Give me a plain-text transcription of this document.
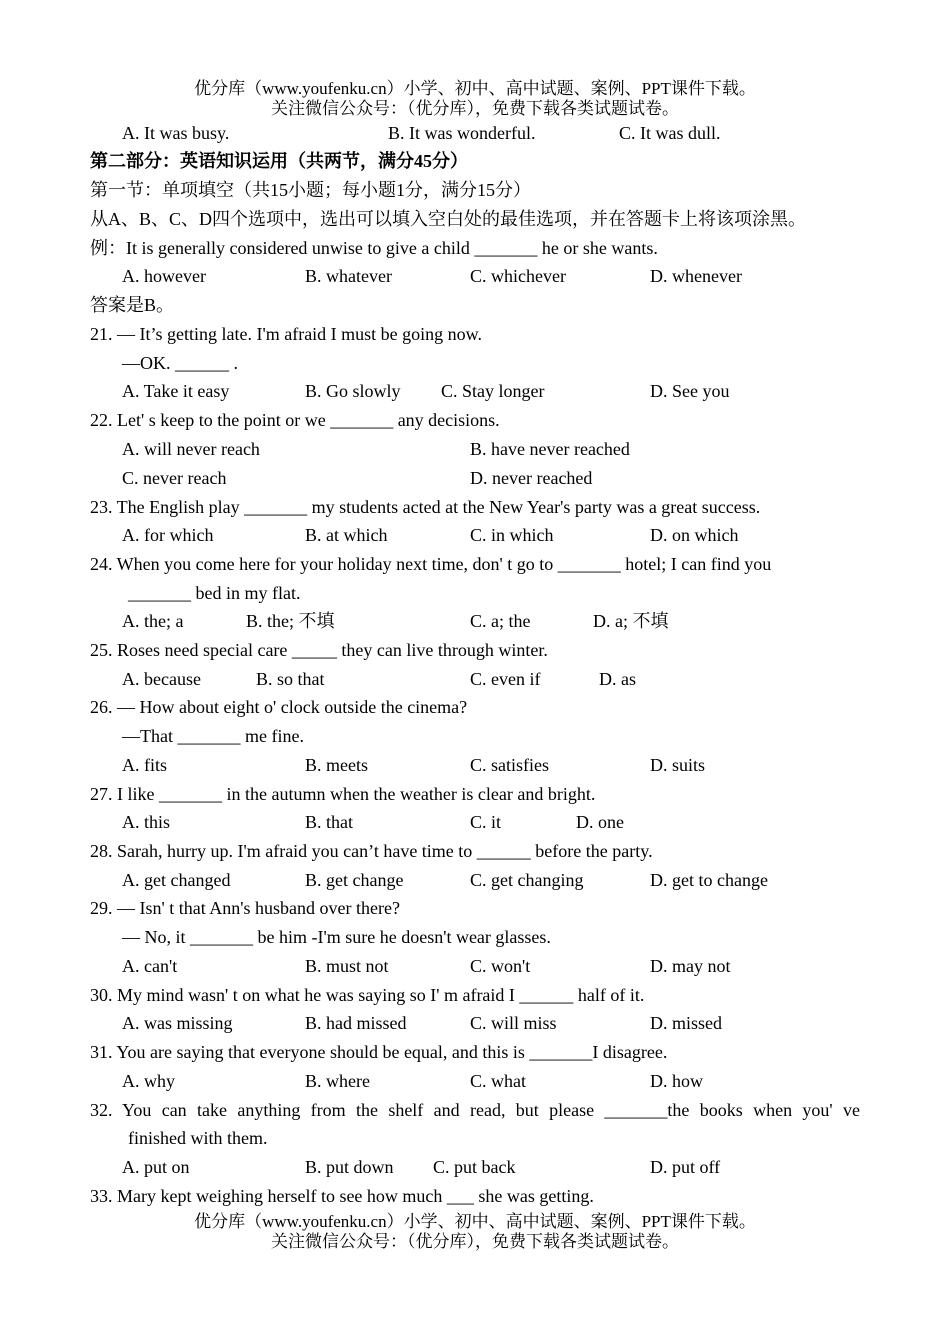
优分库（www.youfenku.cn）小学、初中、高中试题、案例、PPT课件下载。
关注微信公众号：（优分库），免费下载各类试题试卷。
A. It was busy.	B. It was wonderful.	C. It was dull.
第二部分：英语知识运用（共两节，满分45分）
第一节：单项填空（共15小题；每小题1分，满分15分）
从A、B、C、D四个选项中，选出可以填入空白处的最佳选项，并在答题卡上将该项涂黑。
例：It is generally considered unwise to give a child _______ he or she wants.
A. however	B. whatever	C. whichever	D. whenever
答案是B。
21. — It’s getting late. I'm afraid I must be going now.
—OK. ______ .
A. Take it easy	B. Go slowly C. Stay longer	D. See you
22. Let' s keep to the point or we _______ any decisions.
A. will never reach	B. have never reached
C. never reach	D. never reached
23. The English play _______ my students acted at the New Year's party was a great success.
A. for which	B. at which	C. in which	D. on which
24. When you come here for your holiday next time, don' t go to _______ hotel; I can find you
_______ bed in my flat.
A. the; a	B. the; 不填	C. a; the	D. a; 不填
25. Roses need special care _____ they can live through winter.
A. because	B. so that	C. even if	D. as
26. — How about eight o' clock outside the cinema?
—That _______ me fine.
A. fits	B. meets	C. satisfies	D. suits
27. I like _______ in the autumn when the weather is clear and bright.
A. this	B. that	C. it	D. one
28. Sarah, hurry up. I'm afraid you can’t have time to ______ before the party.
A. get changed	B. get change	C. get changing	D. get to change
29. — Isn' t that Ann's husband over there?
— No, it _______ be him -I'm sure he doesn't wear glasses.
A. can't	B. must not	C. won't	D. may not
30. My mind wasn' t on what he was saying so I' m afraid I ______ half of it.
A. was missing	B. had missed	C. will miss	D. missed
31. You are saying that everyone should be equal, and this is _______I disagree.
A. why	B. where	C. what	D. how
32. You can take anything from the shelf and read, but please _______the books when you' ve
finished with them.
A. put on	B. put down C. put back	D. put off
33. Mary kept weighing herself to see how much ___ she was getting.
优分库（www.youfenku.cn）小学、初中、高中试题、案例、PPT课件下载。
关注微信公众号：（优分库），免费下载各类试题试卷。
